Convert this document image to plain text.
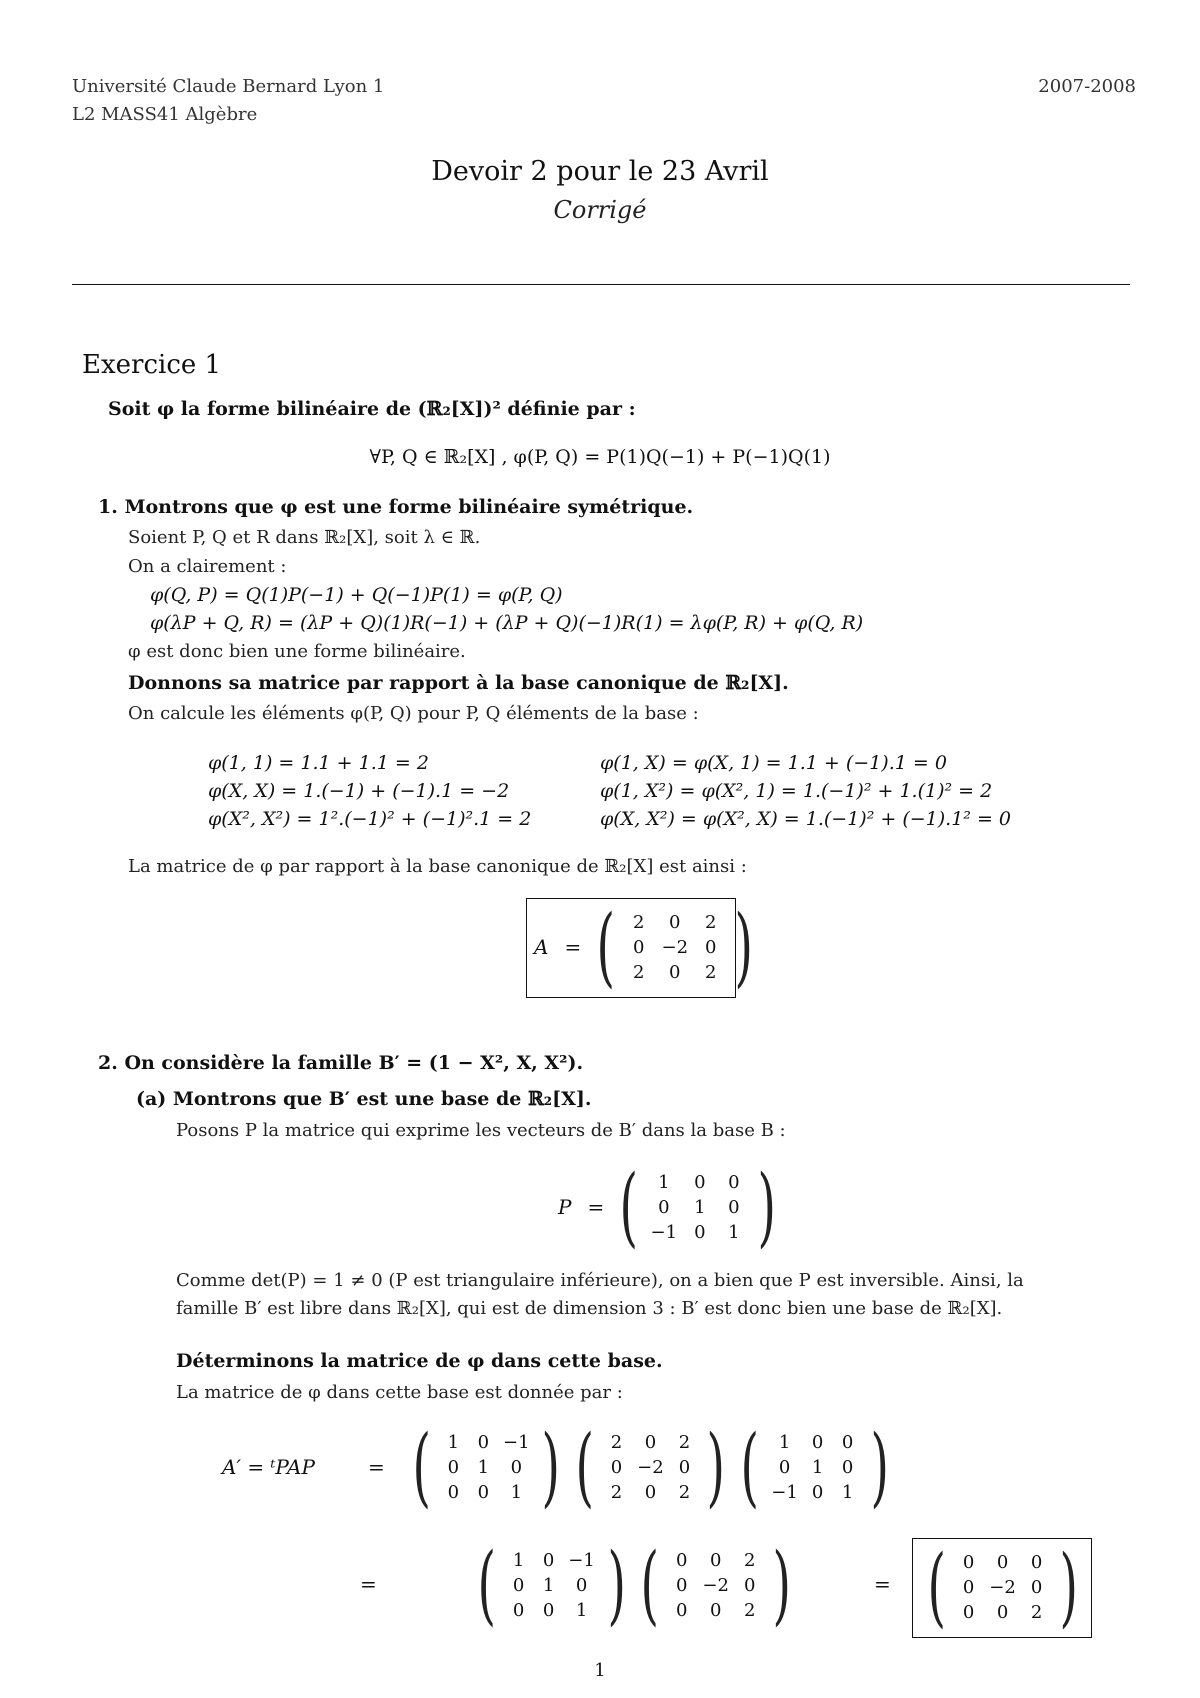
Université Claude Bernard Lyon 1
L2 MASS41 Algèbre
2007-2008
Devoir 2 pour le 23 Avril
Corrigé
Exercice 1
Soit φ la forme bilinéaire de (ℝ₂[X])² définie par :
∀P, Q ∈ ℝ₂[X] , φ(P, Q) = P(1)Q(−1) + P(−1)Q(1)
1. Montrons que φ est une forme bilinéaire symétrique.
Soient P, Q et R dans ℝ₂[X], soit λ ∈ ℝ.
On a clairement :
φ(Q, P) = Q(1)P(−1) + Q(−1)P(1) = φ(P, Q)
φ(λP + Q, R) = (λP + Q)(1)R(−1) + (λP + Q)(−1)R(1) = λφ(P, R) + φ(Q, R)
φ est donc bien une forme bilinéaire.
Donnons sa matrice par rapport à la base canonique de ℝ₂[X].
On calcule les éléments φ(P, Q) pour P, Q éléments de la base :
φ(1, 1) = 1.1 + 1.1 = 2
φ(X, X) = 1.(−1) + (−1).1 = −2
φ(X², X²) = 1².(−1)² + (−1)².1 = 2
φ(1, X) = φ(X, 1) = 1.1 + (−1).1 = 0
φ(1, X²) = φ(X², 1) = 1.(−1)² + 1.(1)² = 2
φ(X, X²) = φ(X², X) = 1.(−1)² + (−1).1² = 0
La matrice de φ par rapport à la base canonique de ℝ₂[X] est ainsi :
A = ( 2	0	2
0 −2 0
2	0	2 )
2. On considère la famille B′ = (1 − X², X, X²).
(a) Montrons que B′ est une base de ℝ₂[X].
Posons P la matrice qui exprime les vecteurs de B′ dans la base B :
P = (	1	0	0
0	1	0
−1 0	1 )
Comme det(P) = 1 ≠ 0 (P est triangulaire inférieure), on a bien que P est inversible. Ainsi, la
famille B′ est libre dans ℝ₂[X], qui est de dimension 3 : B′ est donc bien une base de ℝ₂[X].
Déterminons la matrice de φ dans cette base.
La matrice de φ dans cette base est donnée par :
A′ = ᵗPAP	= ( 1	0 −1
0	1	0
0	0	1 ) ( 2	0	2
0 −2 0
2	0	2 ) (	1	0	0
0	1	0
−1 0	1 )
= ( 1	0 −1
0	1	0
0	0	1 ) ( 0	0	2
0 −2 0
0	0	2 )	= ( 0	0	0
0 −2 0
0	0	2 )
1
